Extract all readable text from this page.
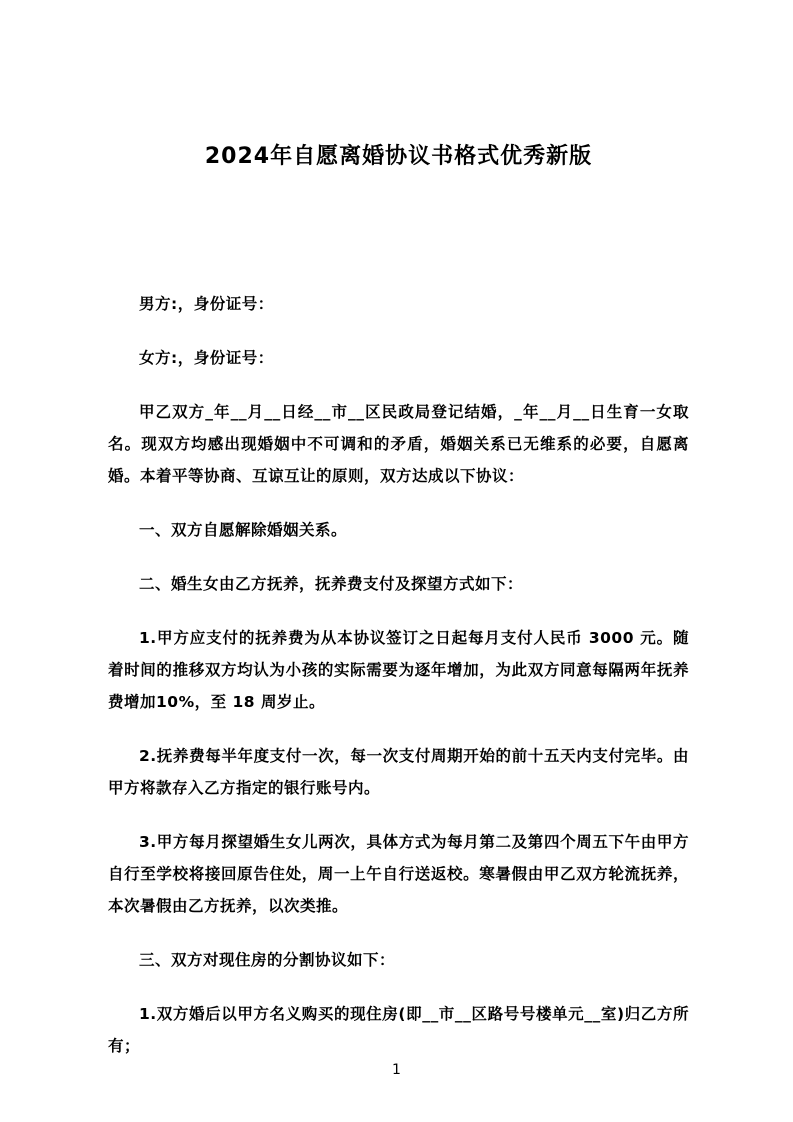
2024年自愿离婚协议书格式优秀新版

男方:，身份证号：

女方:，身份证号：

甲乙双方_年__月__日经__市__区民政局登记结婚，_年__月__日生育一女取名。现双方均感出现婚姻中不可调和的矛盾，婚姻关系已无维系的必要，自愿离婚。本着平等协商、互谅互让的原则，双方达成以下协议：

一、双方自愿解除婚姻关系。

二、婚生女由乙方抚养，抚养费支付及探望方式如下：

1.甲方应支付的抚养费为从本协议签订之日起每月支付人民币 3000 元。随着时间的推移双方均认为小孩的实际需要为逐年增加，为此双方同意每隔两年抚养费增加10%，至 18 周岁止。

2.抚养费每半年度支付一次，每一次支付周期开始的前十五天内支付完毕。由甲方将款存入乙方指定的银行账号内。

3.甲方每月探望婚生女儿两次，具体方式为每月第二及第四个周五下午由甲方自行至学校将接回原告住处，周一上午自行送返校。寒暑假由甲乙双方轮流抚养，本次暑假由乙方抚养，以次类推。

三、双方对现住房的分割协议如下：

1.双方婚后以甲方名义购买的现住房(即__市__区路号号楼单元__室)归乙方所有；

1
